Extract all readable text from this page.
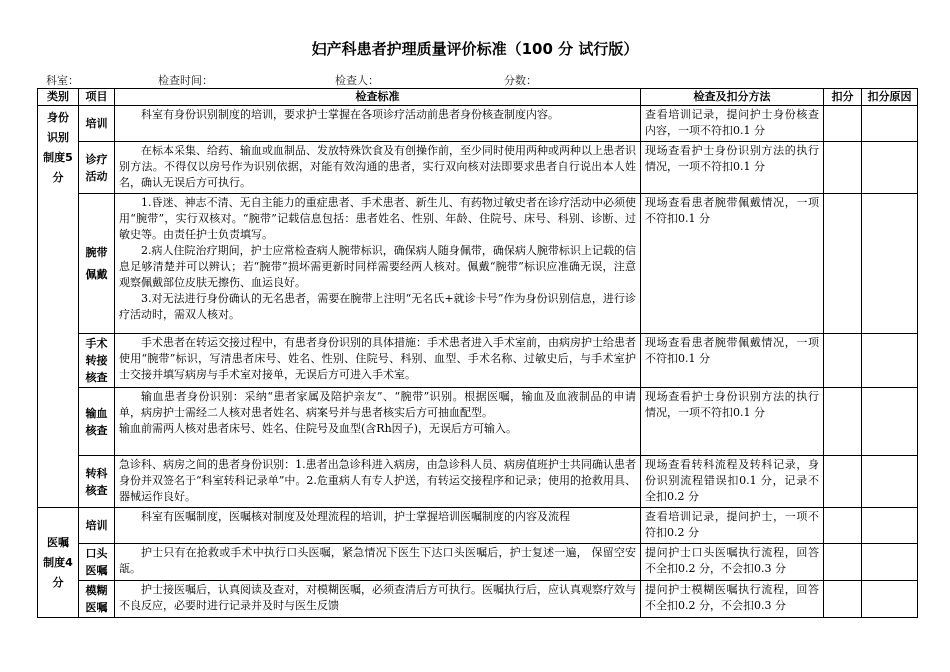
妇产科患者护理质量评价标准（100 分 试行版）
科室：	检查时间：	检查人：	分数：
类别	项目	检查标准	检查及扣分方法	扣分	扣分原因
身份识别制度5分	培训	科室有身份识别制度的培训，要求护士掌握在各项诊疗活动前患者身份核查制度内容。	查看培训记录，提问护士身份核查内容，一项不符扣0.1 分		
	诊疗活动	在标本采集、给药、输血或血制品、发放特殊饮食及有创操作前，至少同时使用两种或两种以上患者识别方法。不得仅以房号作为识别依据，对能有效沟通的患者，实行双向核对法即要求患者自行说出本人姓名，确认无误后方可执行。	现场查看护士身份识别方法的执行情况，一项不符扣0.1 分		
	腕带佩戴	1.昏迷、神志不清、无自主能力的重症患者、手术患者、新生儿、有药物过敏史者在诊疗活动中必须使用“腕带”，实行双核对。“腕带”记载信息包括：患者姓名、性别、年龄、住院号、床号、科别、诊断、过敏史等。由责任护士负责填写。
2.病人住院治疗期间，护士应常检查病人腕带标识，确保病人随身佩带，确保病人腕带标识上记载的信息足够清楚并可以辨认；若“腕带”损坏需更新时同样需要经两人核对。佩戴“腕带”标识应准确无误，注意观察佩戴部位皮肤无擦伤、血运良好。
3.对无法进行身份确认的无名患者，需要在腕带上注明“无名氏+就诊卡号”作为身份识别信息，进行诊疗活动时，需双人核对。	现场查看患者腕带佩戴情况，一项不符扣0.1 分		
	手术转接核查	手术患者在转运交接过程中，有患者身份识别的具体措施：手术患者进入手术室前，由病房护士给患者使用“腕带”标识，写清患者床号、姓名、性别、住院号、科别、血型、手术名称、过敏史后，与手术室护士交接并填写病房与手术室对接单，无误后方可进入手术室。	现场查看患者腕带佩戴情况，一项不符扣0.1 分		
	输血核查	输血患者身份识别：采纳“患者家属及陪护亲友”、“腕带”识别。根据医嘱，输血及血液制品的申请单，病房护士需经二人核对患者姓名、病案号并与患者核实后方可抽血配型。
输血前需两人核对患者床号、姓名、住院号及血型(含Rh因子)，无误后方可输入。	现场查看护士身份识别方法的执行情况，一项不符扣0.1 分		
	转科核查	急诊科、病房之间的患者身份识别：1.患者出急诊科进入病房，由急诊科人员、病房值班护士共同确认患者身份并双签名于“科室转科记录单”中。2.危重病人有专人护送，有转运交接程序和记录；使用的抢救用具、器械运作良好。	现场查看转科流程及转科记录，身份识别流程错误扣0.1 分，记录不全扣0.2 分		
医嘱制度4分	培训	科室有医嘱制度，医嘱核对制度及处理流程的培训，护士掌握培训医嘱制度的内容及流程	查看培训记录，提问护士，一项不符扣0.2 分		
	口头医嘱	护士只有在抢救或手术中执行口头医嘱，紧急情况下医生下达口头医嘱后，护士复述一遍， 保留空安瓿。	提问护士口头医嘱执行流程，回答不全扣0.2 分，不会扣0.3 分		
	模糊医嘱	护士接医嘱后，认真阅读及查对，对模糊医嘱，必须查清后方可执行。医嘱执行后，应认真观察疗效与不良反应，必要时进行记录并及时与医生反馈	提问护士模糊医嘱执行流程，回答不全扣0.2 分，不会扣0.3 分		
